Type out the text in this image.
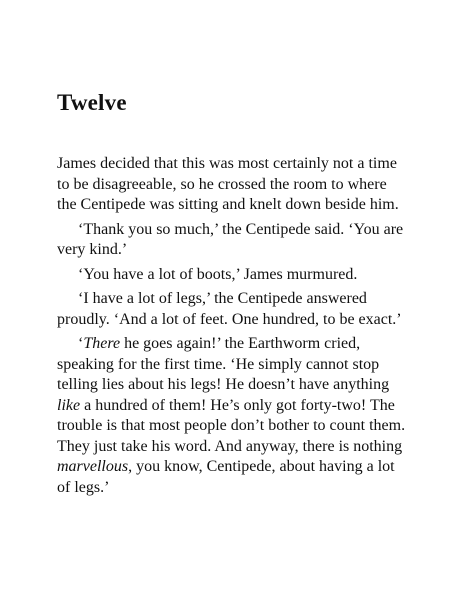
Twelve

James decided that this was most certainly not a time to be disagreeable, so he crossed the room to where the Centipede was sitting and knelt down beside him.

‘Thank you so much,’ the Centipede said. ‘You are very kind.’

‘You have a lot of boots,’ James murmured.

‘I have a lot of legs,’ the Centipede answered proudly. ‘And a lot of feet. One hundred, to be exact.’

‘There he goes again!’ the Earthworm cried, speaking for the first time. ‘He simply cannot stop telling lies about his legs! He doesn’t have anything like a hundred of them! He’s only got forty-two! The trouble is that most people don’t bother to count them. They just take his word. And anyway, there is nothing marvellous, you know, Centipede, about having a lot of legs.’
